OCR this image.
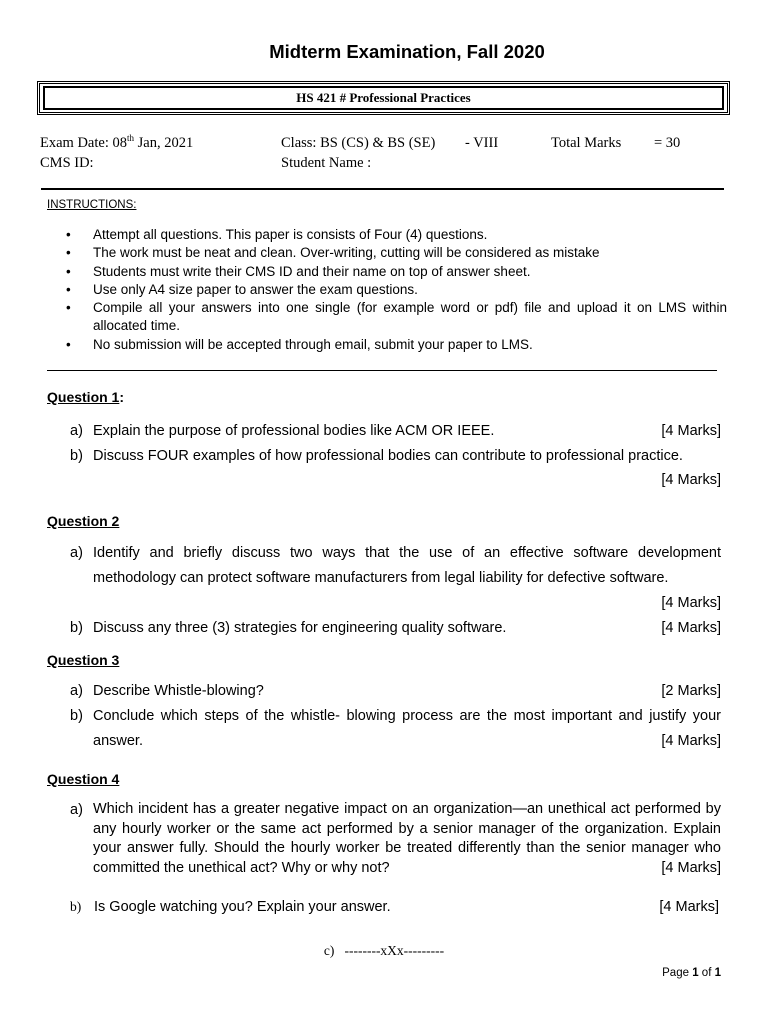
Midterm Examination, Fall 2020
HS 421 # Professional Practices
Exam Date: 08th Jan, 2021
CMS ID:
Class: BS (CS) & BS (SE) - VIII
Student Name :
Total Marks = 30
INSTRUCTIONS:
• Attempt all questions. This paper is consists of Four (4) questions.
• The work must be neat and clean. Over-writing, cutting will be considered as mistake
• Students must write their CMS ID and their name on top of answer sheet.
• Use only A4 size paper to answer the exam questions.
• Compile all your answers into one single (for example word or pdf) file and upload it on LMS within allocated time.
• No submission will be accepted through email, submit your paper to LMS.
Question 1:
a) Explain the purpose of professional bodies like ACM OR IEEE.	[4 Marks]
b) Discuss FOUR examples of how professional bodies can contribute to professional practice.
[4 Marks]
Question 2
a) Identify and briefly discuss two ways that the use of an effective software development methodology can protect software manufacturers from legal liability for defective software.
[4 Marks]
b) Discuss any three (3) strategies for engineering quality software.	[4 Marks]
Question 3
a) Describe Whistle-blowing?	[2 Marks]
b) Conclude which steps of the whistle- blowing process are the most important and justify your answer.	[4 Marks]
Question 4
a) Which incident has a greater negative impact on an organization—an unethical act performed by any hourly worker or the same act performed by a senior manager of the organization. Explain your answer fully. Should the hourly worker be treated differently than the senior manager who committed the unethical act? Why or why not?	[4 Marks]
b) Is Google watching you? Explain your answer.	[4 Marks]
c) --------xXx---------
Page 1 of 1
